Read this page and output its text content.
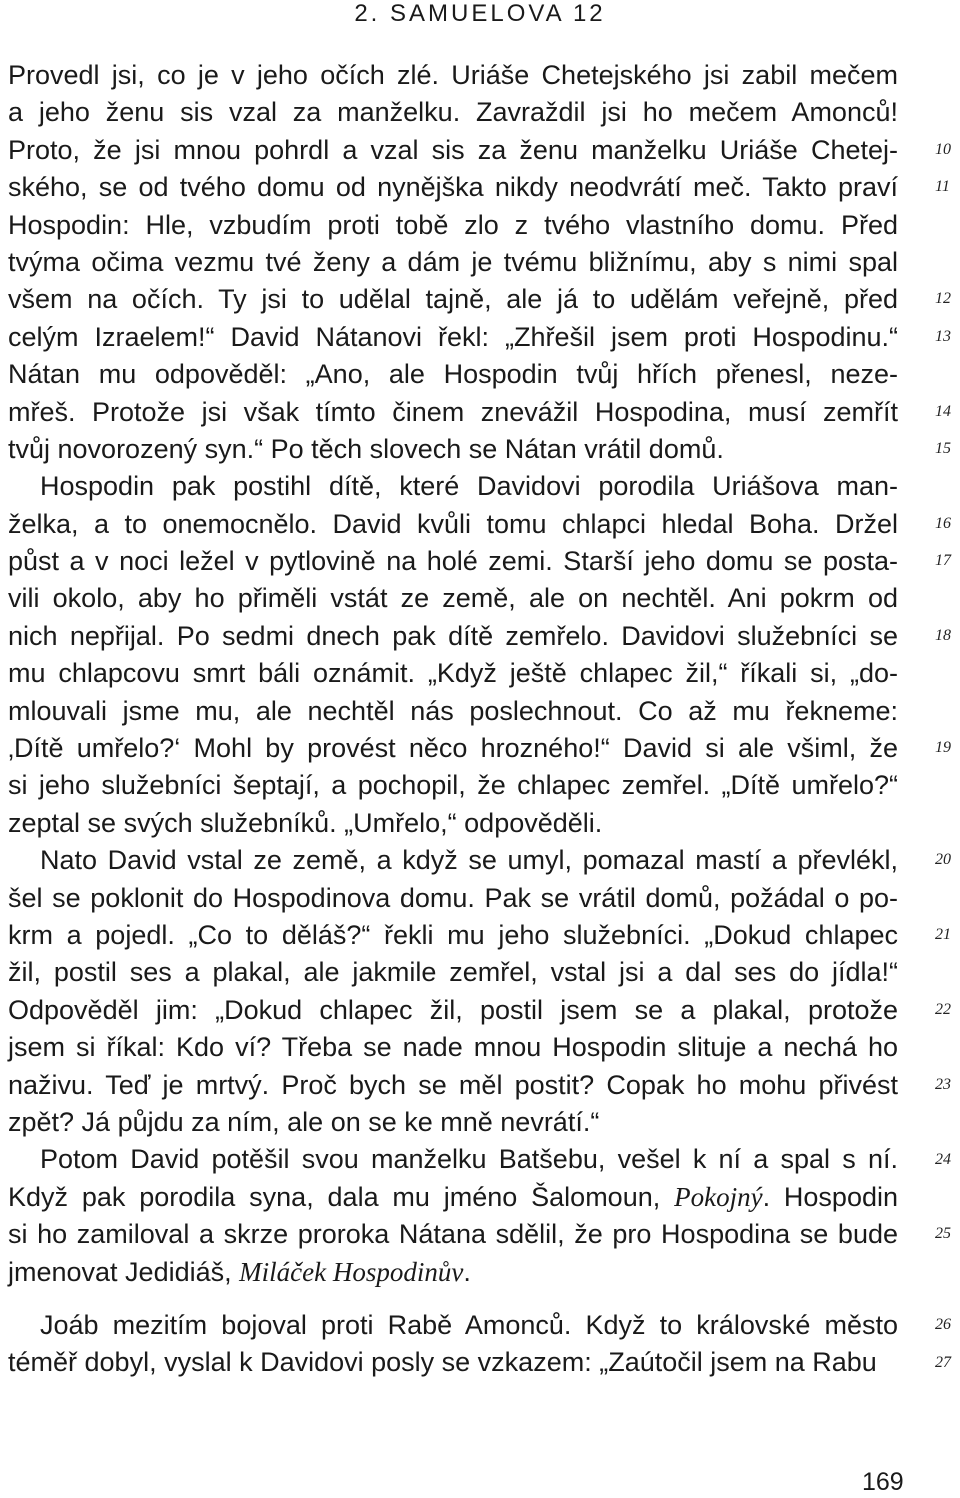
2. SAMUELOVA 12
Provedl jsi, co je v jeho očích zlé. Uriáše Chetejského jsi zabil mečem
a jeho ženu sis vzal za manželku. Zavraždil jsi ho mečem Amonců!
Proto, že jsi mnou pohrdl a vzal sis za ženu manželku Uriáše Chetej-
ského, se od tvého domu od nynějška nikdy neodvrátí meč. Takto praví
Hospodin: Hle, vzbudím proti tobě zlo z tvého vlastního domu. Před
tvýma očima vezmu tvé ženy a dám je tvému bližnímu, aby s nimi spal
všem na očích. Ty jsi to udělal tajně, ale já to udělám veřejně, před
celým Izraelem!“ David Nátanovi řekl: „Zhřešil jsem proti Hospodinu.“
Nátan mu odpověděl: „Ano, ale Hospodin tvůj hřích přenesl, neze-
mřeš. Protože jsi však tímto činem znevážil Hospodina, musí zemřít
tvůj novorozený syn.“ Po těch slovech se Nátan vrátil domů.
Hospodin pak postihl dítě, které Davidovi porodila Uriášova man-
želka, a to onemocnělo. David kvůli tomu chlapci hledal Boha. Držel
půst a v noci ležel v pytlovině na holé zemi. Starší jeho domu se posta-
vili okolo, aby ho přiměli vstát ze země, ale on nechtěl. Ani pokrm od
nich nepřijal. Po sedmi dnech pak dítě zemřelo. Davidovi služebníci se
mu chlapcovu smrt báli oznámit. „Když ještě chlapec žil,“ říkali si, „do-
mlouvali jsme mu, ale nechtěl nás poslechnout. Co až mu řekneme:
‚Dítě umřelo?‘ Mohl by provést něco hrozného!“ David si ale všiml, že
si jeho služebníci šeptají, a pochopil, že chlapec zemřel. „Dítě umřelo?“
zeptal se svých služebníků. „Umřelo,“ odpověděli.
Nato David vstal ze země, a když se umyl, pomazal mastí a převlékl,
šel se poklonit do Hospodinova domu. Pak se vrátil domů, požádal o po-
krm a pojedl. „Co to děláš?“ řekli mu jeho služebníci. „Dokud chlapec
žil, postil ses a plakal, ale jakmile zemřel, vstal jsi a dal ses do jídla!“
Odpověděl jim: „Dokud chlapec žil, postil jsem se a plakal, protože
jsem si říkal: Kdo ví? Třeba se nade mnou Hospodin slituje a nechá ho
naživu. Teď je mrtvý. Proč bych se měl postit? Copak ho mohu přivést
zpět? Já půjdu za ním, ale on se ke mně nevrátí.“
Potom David potěšil svou manželku Batšebu, vešel k ní a spal s ní.
Když pak porodila syna, dala mu jméno Šalomoun, Pokojný. Hospodin
si ho zamiloval a skrze proroka Nátana sdělil, že pro Hospodina se bude
jmenovat Jedidiáš, Miláček Hospodinův.
Joáb mezitím bojoval proti Rabě Amonců. Když to královské město
téměř dobyl, vyslal k Davidovi posly se vzkazem: „Zaútočil jsem na Rabu
10
11
12
13
14
15
16
17
18
19
20
21
22
23
24
25
26
27
169
